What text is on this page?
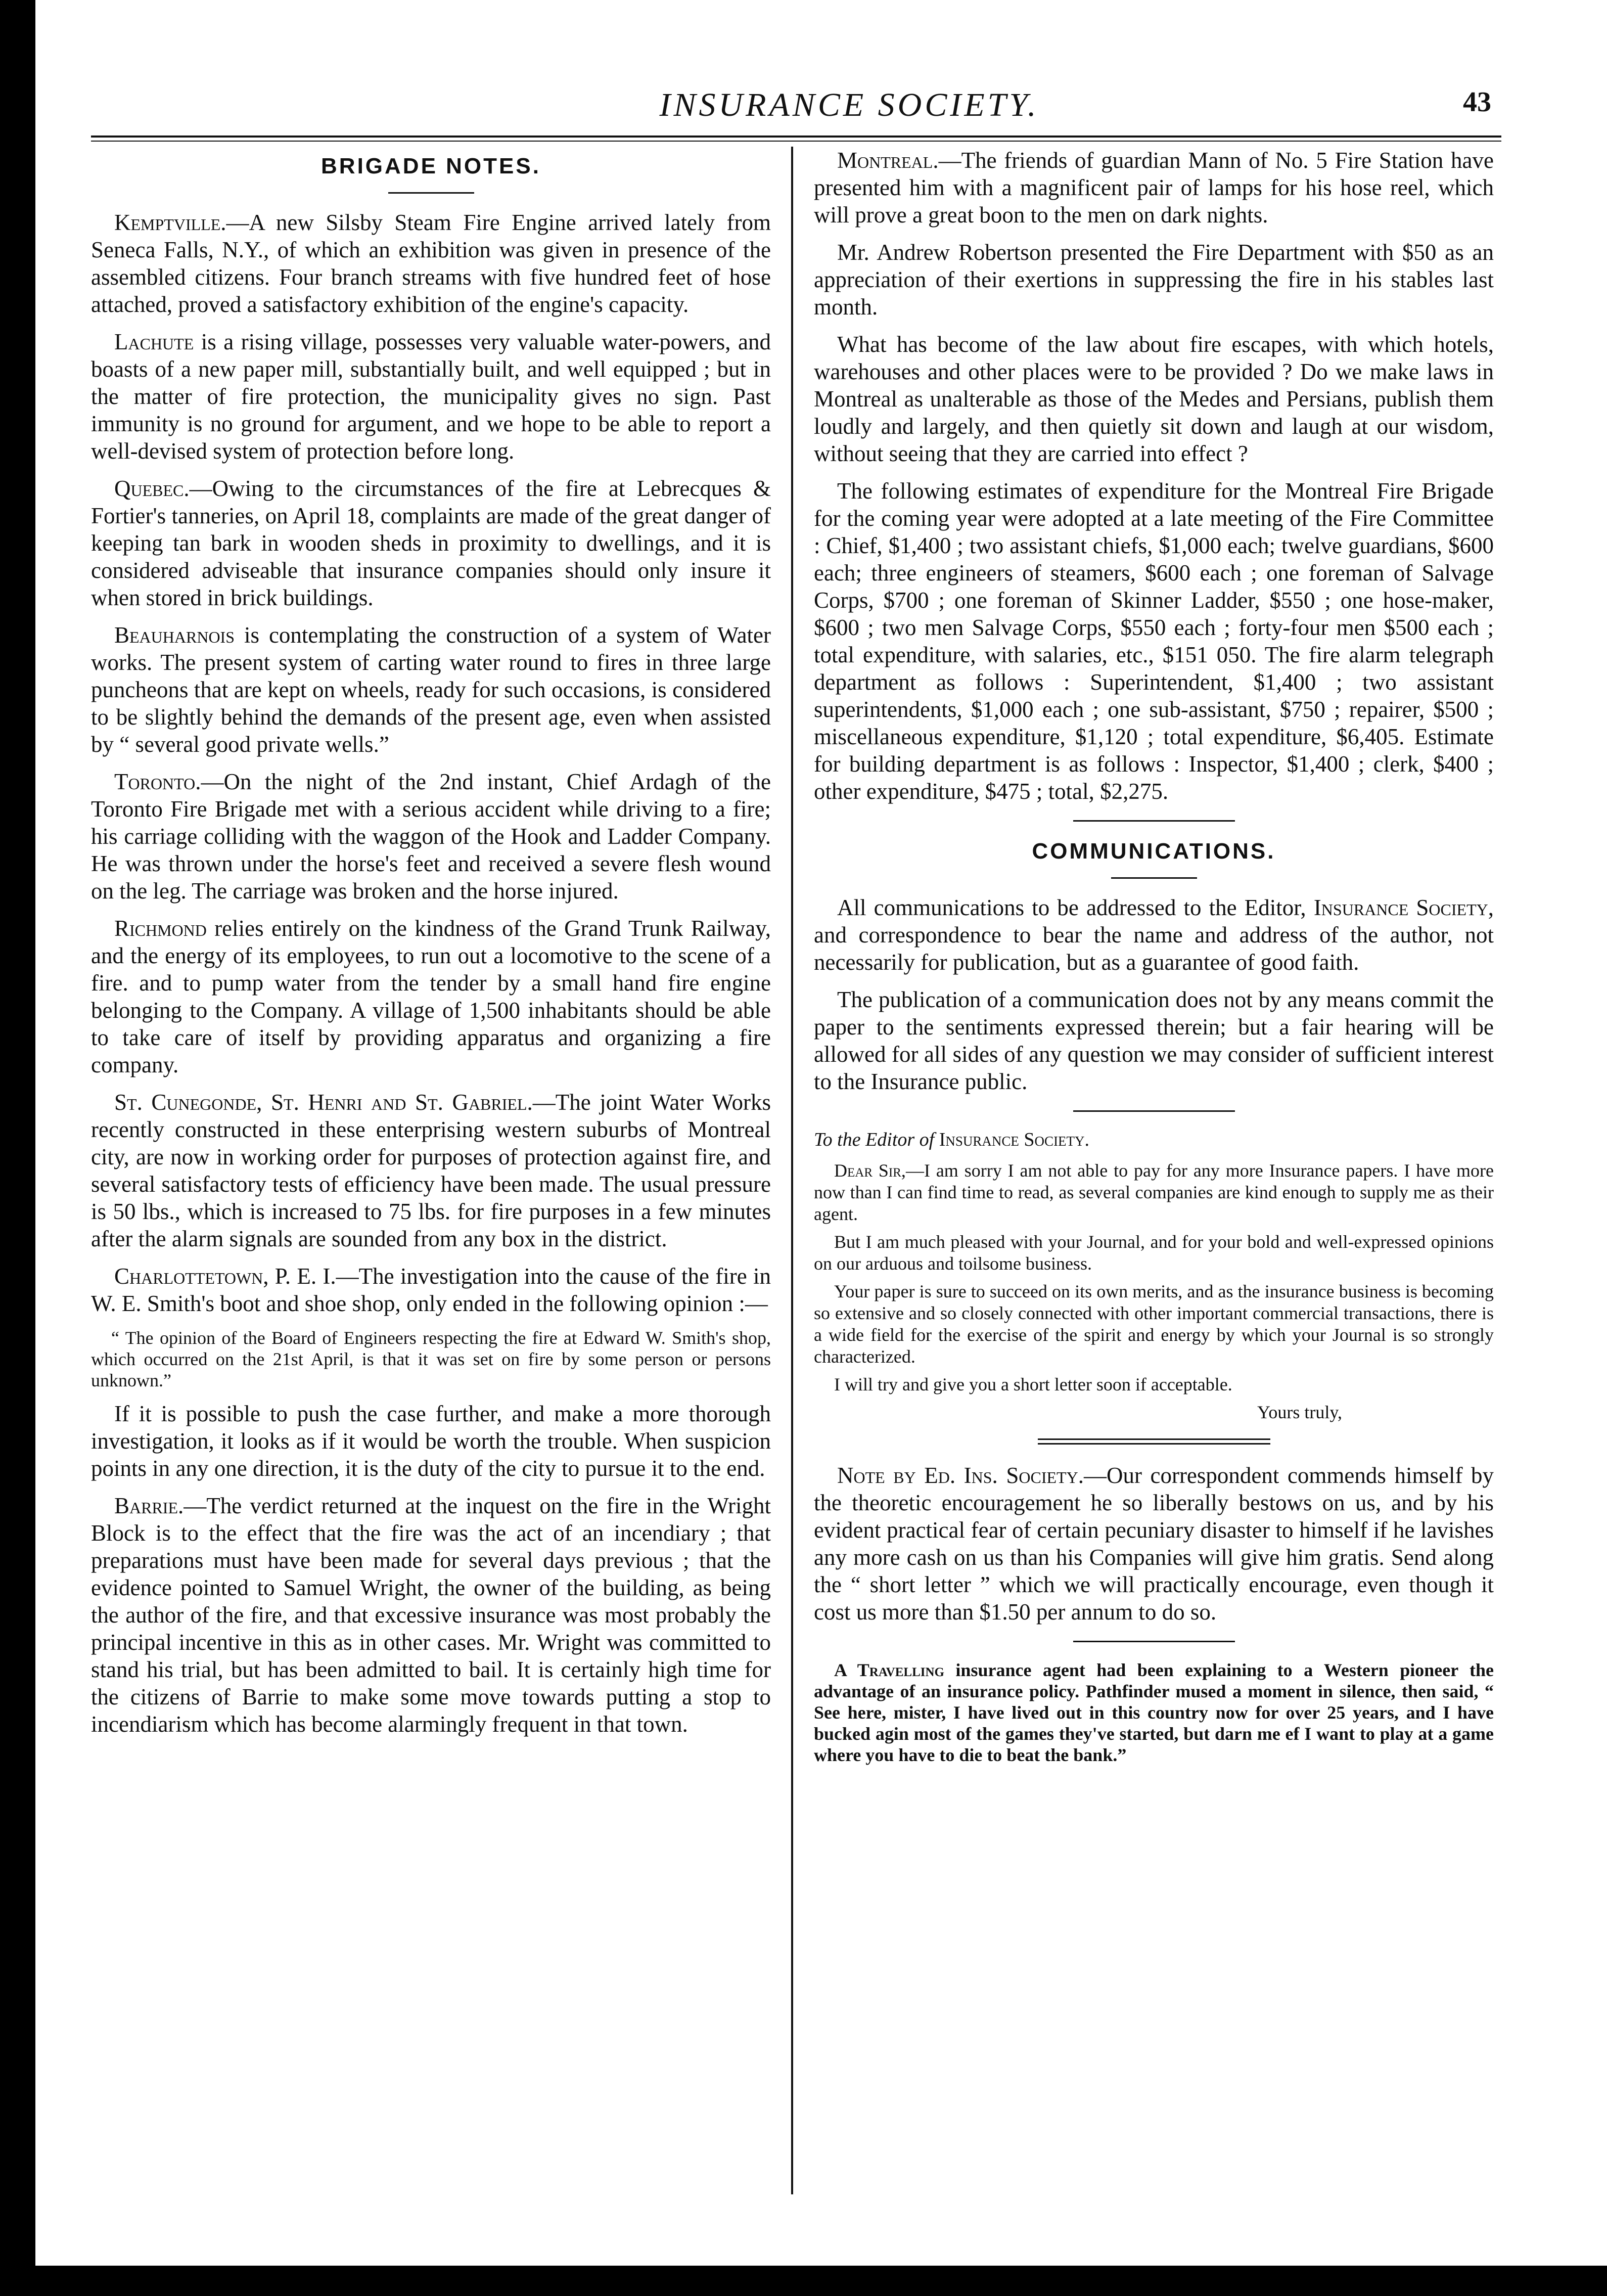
INSURANCE SOCIETY.	43
BRIGADE NOTES.

Kemptville.—A new Silsby Steam Fire Engine arrived lately from Seneca Falls, N.Y., of which an exhibition was given in presence of the assembled citizens. Four branch streams with five hundred feet of hose attached, proved a satisfactory exhibition of the engine's capacity.

Lachute is a rising village, possesses very valuable water-powers, and boasts of a new paper mill, substantially built, and well equipped ; but in the matter of fire protection, the municipality gives no sign. Past immunity is no ground for argument, and we hope to be able to report a well-devised system of protection before long.

Quebec.—Owing to the circumstances of the fire at Lebrecques & Fortier's tanneries, on April 18, complaints are made of the great danger of keeping tan bark in wooden sheds in proximity to dwellings, and it is considered adviseable that insurance companies should only insure it when stored in brick buildings.

Beauharnois is contemplating the construction of a system of Water works. The present system of carting water round to fires in three large puncheons that are kept on wheels, ready for such occasions, is considered to be slightly behind the demands of the present age, even when assisted by “ several good private wells.”

Toronto.—On the night of the 2nd instant, Chief Ardagh of the Toronto Fire Brigade met with a serious accident while driving to a fire; his carriage colliding with the waggon of the Hook and Ladder Company. He was thrown under the horse's feet and received a severe flesh wound on the leg. The carriage was broken and the horse injured.

Richmond relies entirely on the kindness of the Grand Trunk Railway, and the energy of its employees, to run out a locomotive to the scene of a fire. and to pump water from the tender by a small hand fire engine belonging to the Company. A village of 1,500 inhabitants should be able to take care of itself by providing apparatus and organizing a fire company.

St. Cunegonde, St. Henri and St. Gabriel.—The joint Water Works recently constructed in these enterprising western suburbs of Montreal city, are now in working order for purposes of protection against fire, and several satisfactory tests of efficiency have been made. The usual pressure is 50 lbs., which is increased to 75 lbs. for fire purposes in a few minutes after the alarm signals are sounded from any box in the district.

Charlottetown, P. E. I.—The investigation into the cause of the fire in W. E. Smith's boot and shoe shop, only ended in the following opinion :—

“ The opinion of the Board of Engineers respecting the fire at Edward W. Smith's shop, which occurred on the 21st April, is that it was set on fire by some person or persons unknown.”

If it is possible to push the case further, and make a more thorough investigation, it looks as if it would be worth the trouble. When suspicion points in any one direction, it is the duty of the city to pursue it to the end.

Barrie.—The verdict returned at the inquest on the fire in the Wright Block is to the effect that the fire was the act of an incendiary ; that preparations must have been made for several days previous ; that the evidence pointed to Samuel Wright, the owner of the building, as being the author of the fire, and that excessive insurance was most probably the principal incentive in this as in other cases. Mr. Wright was committed to stand his trial, but has been admitted to bail. It is certainly high time for the citizens of Barrie to make some move towards putting a stop to incendiarism which has become alarmingly frequent in that town.

Montreal.—The friends of guardian Mann of No. 5 Fire Station have presented him with a magnificent pair of lamps for his hose reel, which will prove a great boon to the men on dark nights.

Mr. Andrew Robertson presented the Fire Department with $50 as an appreciation of their exertions in suppressing the fire in his stables last month.

What has become of the law about fire escapes, with which hotels, warehouses and other places were to be provided ? Do we make laws in Montreal as unalterable as those of the Medes and Persians, publish them loudly and largely, and then quietly sit down and laugh at our wisdom, without seeing that they are carried into effect ?

The following estimates of expenditure for the Montreal Fire Brigade for the coming year were adopted at a late meeting of the Fire Committee : Chief, $1,400 ; two assistant chiefs, $1,000 each; twelve guardians, $600 each; three engineers of steamers, $600 each ; one foreman of Salvage Corps, $700 ; one foreman of Skinner Ladder, $550 ; one hose-maker, $600 ; two men Salvage Corps, $550 each ; forty-four men $500 each ; total expenditure, with salaries, etc., $151 050. The fire alarm telegraph department as follows : Superintendent, $1,400 ; two assistant superintendents, $1,000 each ; one sub-assistant, $750 ; repairer, $500 ; miscellaneous expenditure, $1,120 ; total expenditure, $6,405. Estimate for building department is as follows : Inspector, $1,400 ; clerk, $400 ; other expenditure, $475 ; total, $2,275.

COMMUNICATIONS.

All communications to be addressed to the Editor, Insurance Society, and correspondence to bear the name and address of the author, not necessarily for publication, but as a guarantee of good faith.

The publication of a communication does not by any means commit the paper to the sentiments expressed therein; but a fair hearing will be allowed for all sides of any question we may consider of sufficient interest to the Insurance public.

To the Editor of Insurance Society.

Dear Sir,—I am sorry I am not able to pay for any more Insurance papers. I have more now than I can find time to read, as several companies are kind enough to supply me as their agent.

But I am much pleased with your Journal, and for your bold and well-expressed opinions on our arduous and toilsome business.

Your paper is sure to succeed on its own merits, and as the insurance business is becoming so extensive and so closely connected with other important commercial transactions, there is a wide field for the exercise of the spirit and energy by which your Journal is so strongly characterized.

I will try and give you a short letter soon if acceptable.

Yours truly,

Note by Ed. Ins. Society.—Our correspondent commends himself by the theoretic encouragement he so liberally bestows on us, and by his evident practical fear of certain pecuniary disaster to himself if he lavishes any more cash on us than his Companies will give him gratis. Send along the “ short letter ” which we will practically encourage, even though it cost us more than $1.50 per annum to do so.

A Travelling insurance agent had been explaining to a Western pioneer the advantage of an insurance policy. Pathfinder mused a moment in silence, then said, “ See here, mister, I have lived out in this country now for over 25 years, and I have bucked agin most of the games they've started, but darn me ef I want to play at a game where you have to die to beat the bank.”
